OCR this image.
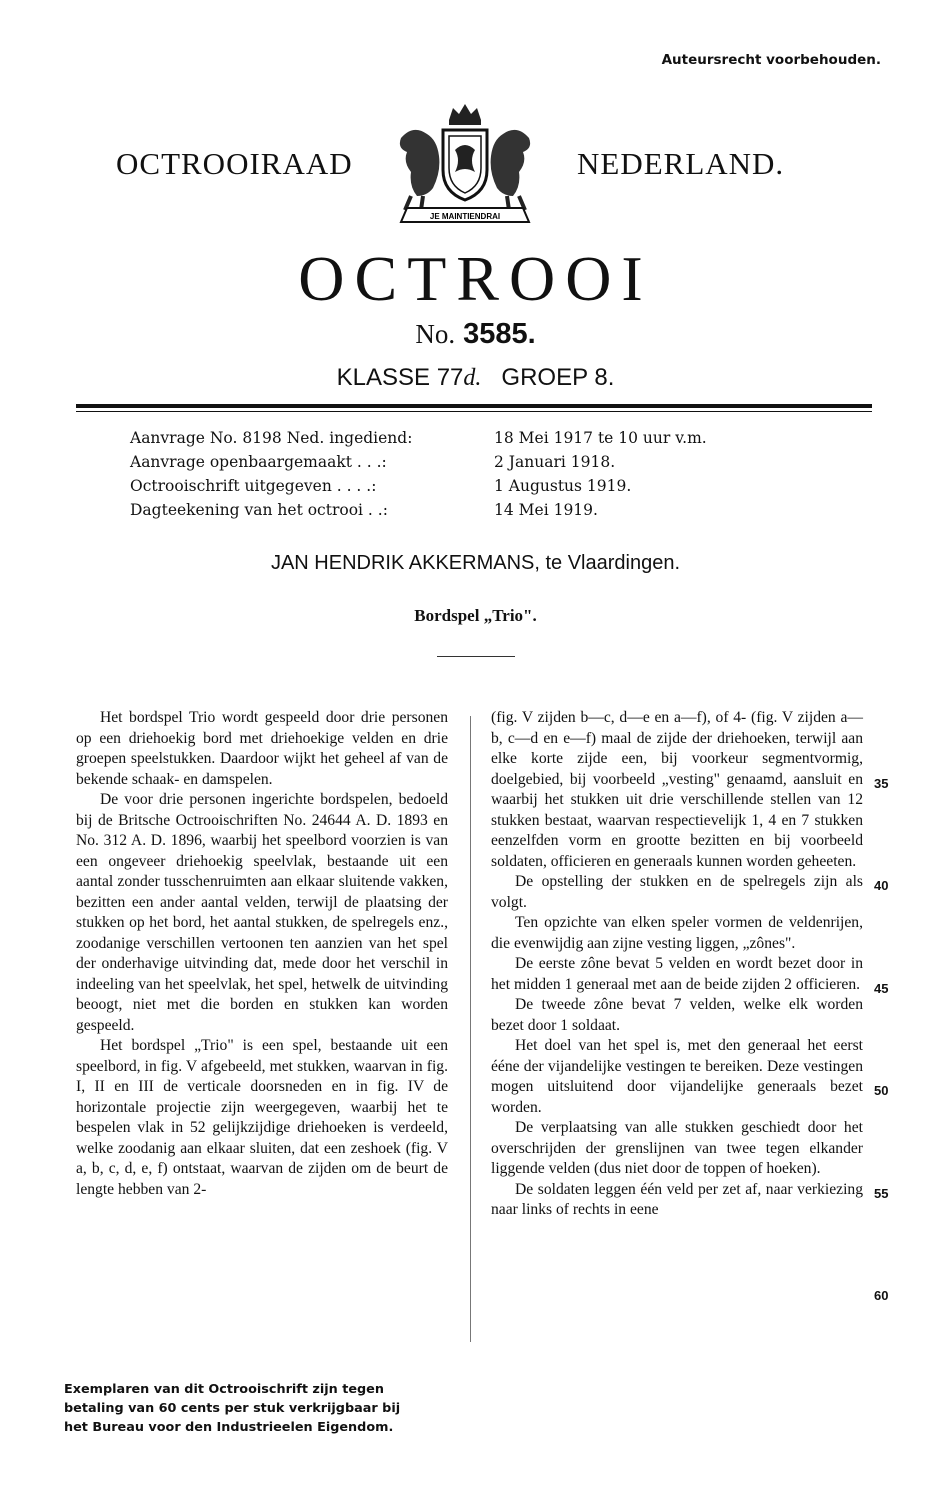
Auteursrecht voorbehouden.
OCTROOIRAAD
JE MAINTIENDRAI
NEDERLAND.
OCTROOI
No. 3585.
KLASSE 77d. GROEP 8.
Aanvrage No. 8198 Ned. ingediend:	18 Mei 1917 te 10 uur v.m.
Aanvrage openbaargemaakt . . .:	2 Januari 1918.
Octrooischrift uitgegeven . . . .:	1 Augustus 1919.
Dagteekening van het octrooi . .:	14 Mei 1919.
JAN HENDRIK AKKERMANS, te Vlaardingen.
Bordspel „Trio".

Het bordspel Trio wordt gespeeld door drie personen op een driehoekig bord met driehoekige velden en drie groepen speelstukken. Daardoor wijkt het geheel af van de bekende schaak- en damspelen.

De voor drie personen ingerichte bordspelen, bedoeld bij de Britsche Octrooischriften No. 24644 A. D. 1893 en No. 312 A. D. 1896, waarbij het speelbord voorzien is van een ongeveer driehoekig speelvlak, bestaande uit een aantal zonder tusschenruimten aan elkaar sluitende vakken, bezitten een ander aantal velden, terwijl de plaatsing der stukken op het bord, het aantal stukken, de spelregels enz., zoodanige verschillen vertoonen ten aanzien van het spel der onderhavige uitvinding dat, mede door het verschil in indeeling van het speelvlak, het spel, hetwelk de uitvinding beoogt, niet met die borden en stukken kan worden gespeeld.

Het bordspel „Trio" is een spel, bestaande uit een speelbord, in fig. V afgebeeld, met stukken, waarvan in fig. I, II en III de verticale doorsneden en in fig. IV de horizontale projectie zijn weergegeven, waarbij het te bespelen vlak in 52 gelijkzijdige driehoeken is verdeeld, welke zoodanig aan elkaar sluiten, dat een zeshoek (fig. V a, b, c, d, e, f) ontstaat, waarvan de zijden om de beurt de lengte hebben van 2-

(fig. V zijden b—c, d—e en a—f), of 4- (fig. V zijden a—b, c—d en e—f) maal de zijde der driehoeken, terwijl aan elke korte zijde een, bij voorkeur segmentvormig, doelgebied, bij voorbeeld „vesting" genaamd, aansluit en waarbij het stukken uit drie verschillende stellen van 12 stukken bestaat, waarvan respectievelijk 1, 4 en 7 stukken eenzelfden vorm en grootte bezitten en bij voorbeeld soldaten, officieren en generaals kunnen worden geheeten.

De opstelling der stukken en de spelregels zijn als volgt.

Ten opzichte van elken speler vormen de veldenrijen, die evenwijdig aan zijne vesting liggen, „zônes".

De eerste zône bevat 5 velden en wordt bezet door in het midden 1 generaal met aan de beide zijden 2 officieren.

De tweede zône bevat 7 velden, welke elk worden bezet door 1 soldaat.

Het doel van het spel is, met den generaal het eerst ééne der vijandelijke vestingen te bereiken. Deze vestingen mogen uitsluitend door vijandelijke generaals bezet worden.

De verplaatsing van alle stukken geschiedt door het overschrijden der grenslijnen van twee tegen elkander liggende velden (dus niet door de toppen of hoeken).

De soldaten leggen één veld per zet af, naar verkiezing naar links of rechts in eene

35
40
45
50
55
60
Exemplaren van dit Octrooischrift zijn tegen
betaling van 60 cents per stuk verkrijgbaar bij
het Bureau voor den Industrieelen Eigendom.
